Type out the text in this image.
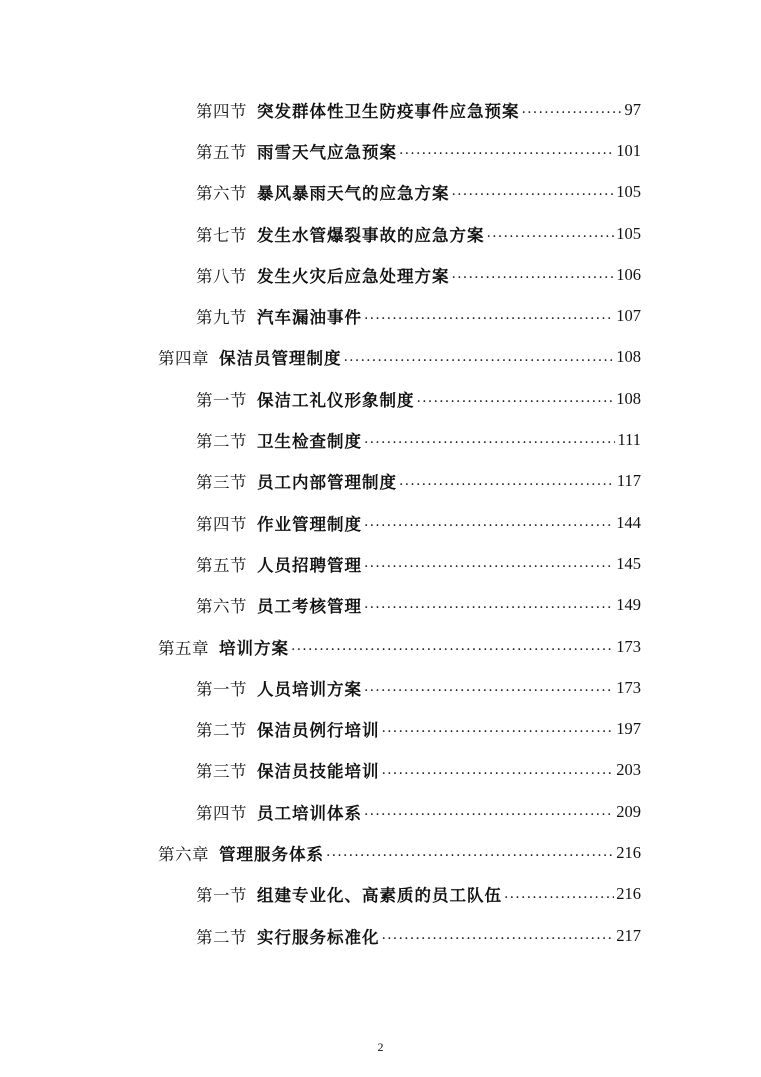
第四节 突发群体性卫生防疫事件应急预案 .....	97
第五节 雨雪天气应急预案 .....	101
第六节 暴风暴雨天气的应急方案 .....	105
第七节 发生水管爆裂事故的应急方案 .....	105
第八节 发生火灾后应急处理方案 .....	106
第九节 汽车漏油事件 .....	107
第四章 保洁员管理制度 .....	108
第一节 保洁工礼仪形象制度 .....	108
第二节 卫生检查制度 .....	111
第三节 员工内部管理制度 .....	117
第四节 作业管理制度 .....	144
第五节 人员招聘管理 .....	145
第六节 员工考核管理 .....	149
第五章 培训方案 .....	173
第一节 人员培训方案 .....	173
第二节 保洁员例行培训 .....	197
第三节 保洁员技能培训 .....	203
第四节 员工培训体系 .....	209
第六章 管理服务体系 .....	216
第一节 组建专业化、高素质的员工队伍 .....	216
第二节 实行服务标准化 .....	217
2
